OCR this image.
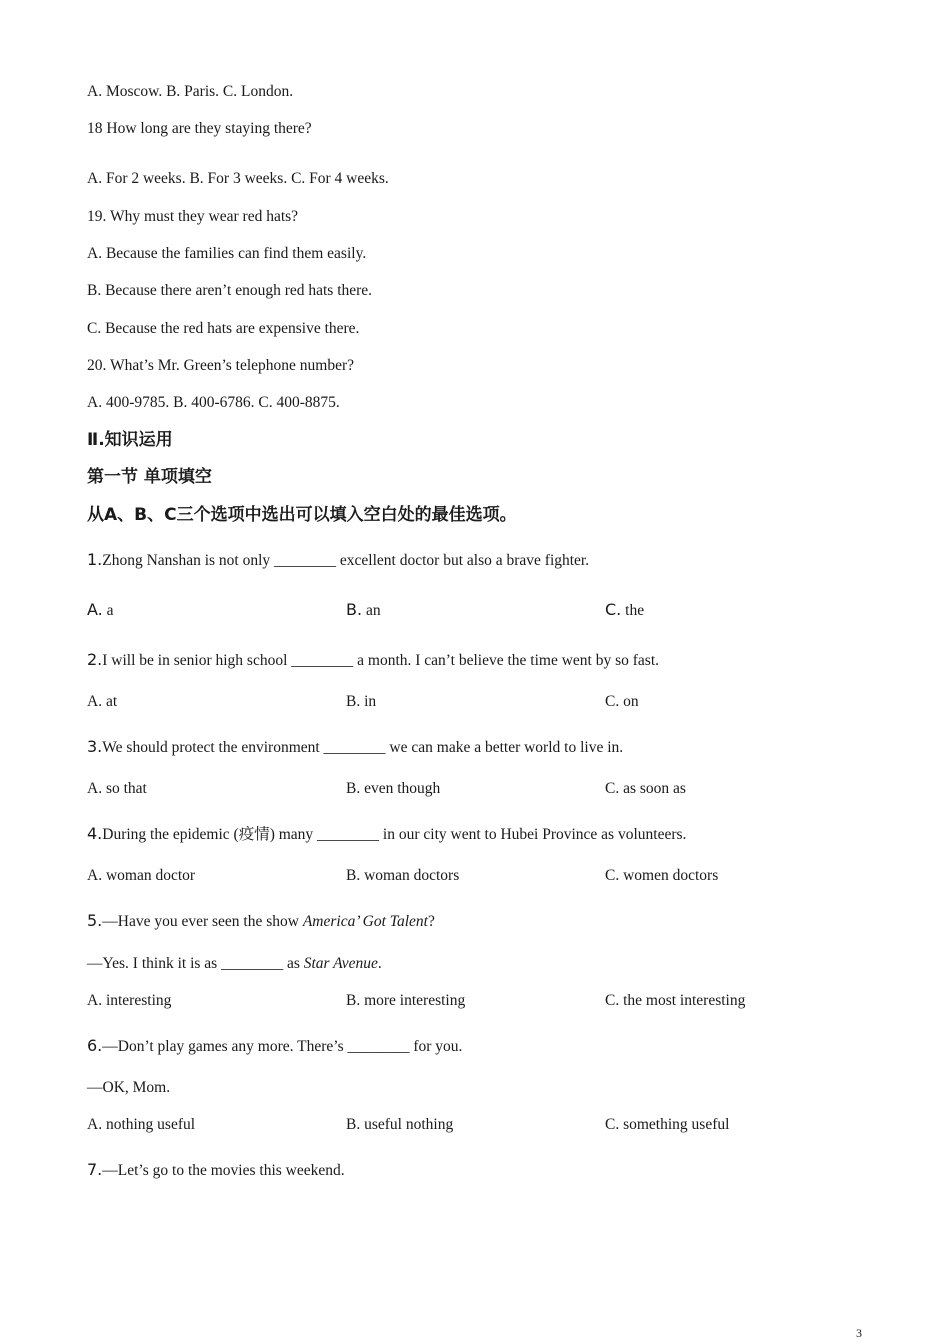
A. Moscow. B. Paris. C. London.
18 How long are they staying there?
A. For 2 weeks. B. For 3 weeks. C. For 4 weeks.
19. Why must they wear red hats?
A. Because the families can find them easily.
B. Because there aren’t enough red hats there.
C. Because the red hats are expensive there.
20. What’s Mr. Green’s telephone number?
A. 400-9785. B. 400-6786. C. 400-8875.
Ⅱ.知识运用
第一节 单项填空
从A、B、C三个选项中选出可以填入空白处的最佳选项。
1.Zhong Nanshan is not only ________ excellent doctor but also a brave fighter.
A. a	B. an	C. the
2.I will be in senior high school ________ a month. I can’t believe the time went by so fast.
A. at	B. in	C. on
3.We should protect the environment ________ we can make a better world to live in.
A. so that	B. even though	C. as soon as
4.During the epidemic (疫情) many ________ in our city went to Hubei Province as volunteers.
A. woman doctor	B. woman doctors	C. women doctors
5.—Have you ever seen the show America’ Got Talent?
—Yes. I think it is as ________ as Star Avenue.
A. interesting	B. more interesting	C. the most interesting
6.—Don’t play games any more. There’s ________ for you.
—OK, Mom.
A. nothing useful	B. useful nothing	C. something useful
7.—Let’s go to the movies this weekend.
3
